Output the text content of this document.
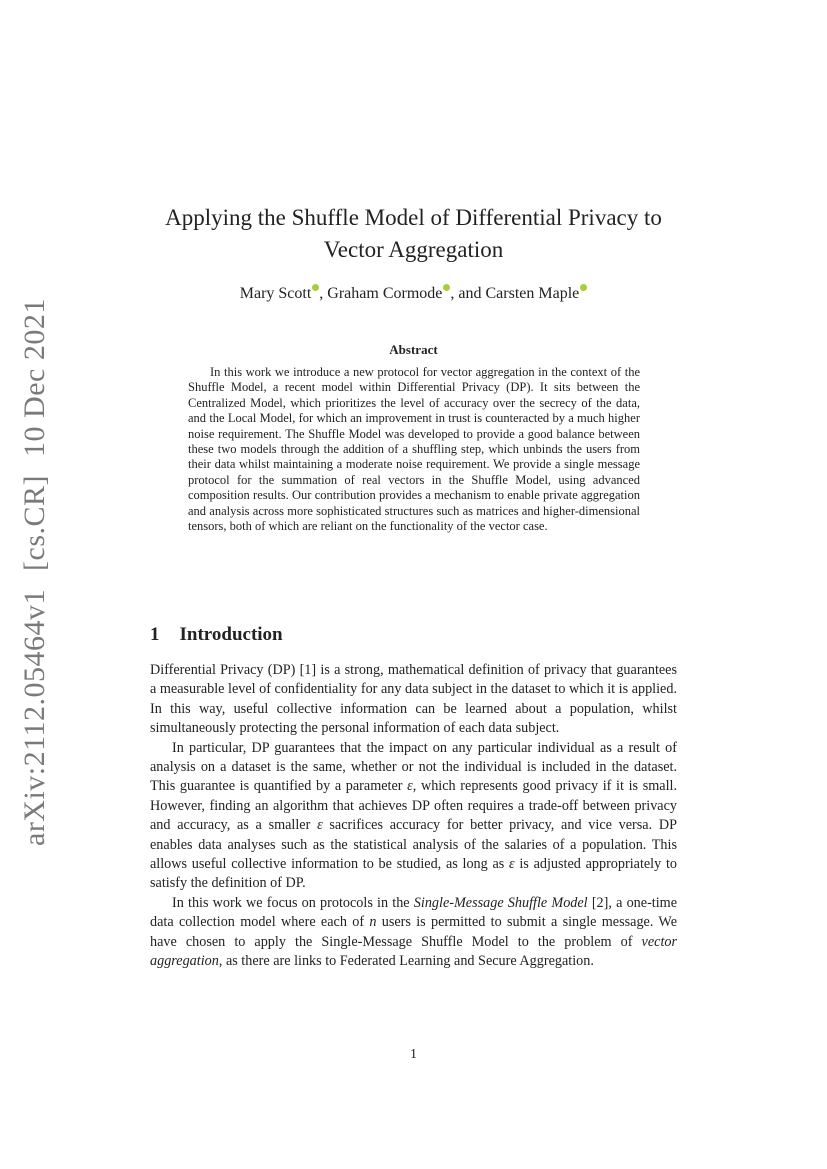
arXiv:2112.05464v1[cs.CR]10 Dec 2021
Applying the Shuffle Model of Differential Privacy to
Vector Aggregation
Mary Scott , Graham Cormode , and Carsten Maple
Abstract

In this work we introduce a new protocol for vector aggregation in the context of the Shuffle Model, a recent model within Differential Privacy (DP). It sits between the Centralized Model, which prioritizes the level of accuracy over the secrecy of the data, and the Local Model, for which an improvement in trust is counteracted by a much higher noise requirement. The Shuffle Model was developed to provide a good balance between these two models through the addition of a shuffling step, which unbinds the users from their data whilst maintaining a moderate noise requirement. We provide a single message protocol for the summation of real vectors in the Shuffle Model, using advanced composition results. Our contribution provides a mechanism to enable private aggregation and analysis across more sophisticated structures such as matrices and higher-dimensional tensors, both of which are reliant on the functionality of the vector case.

1 Introduction

Differential Privacy (DP) [1] is a strong, mathematical definition of privacy that guarantees a measurable level of confidentiality for any data subject in the dataset to which it is applied. In this way, useful collective information can be learned about a population, whilst simultaneously protecting the personal information of each data subject.

In particular, DP guarantees that the impact on any particular individual as a result of analysis on a dataset is the same, whether or not the individual is included in the dataset. This guarantee is quantified by a parameter ε, which represents good privacy if it is small. However, finding an algorithm that achieves DP often requires a trade-off between privacy and accuracy, as a smaller ε sacrifices accuracy for better privacy, and vice versa. DP enables data analyses such as the statistical analysis of the salaries of a population. This allows useful collective information to be studied, as long as ε is adjusted appropriately to satisfy the definition of DP.

In this work we focus on protocols in the Single-Message Shuffle Model [2], a one-time data collection model where each of n users is permitted to submit a single message. We have chosen to apply the Single-Message Shuffle Model to the problem of vector aggregation, as there are links to Federated Learning and Secure Aggregation.

1
